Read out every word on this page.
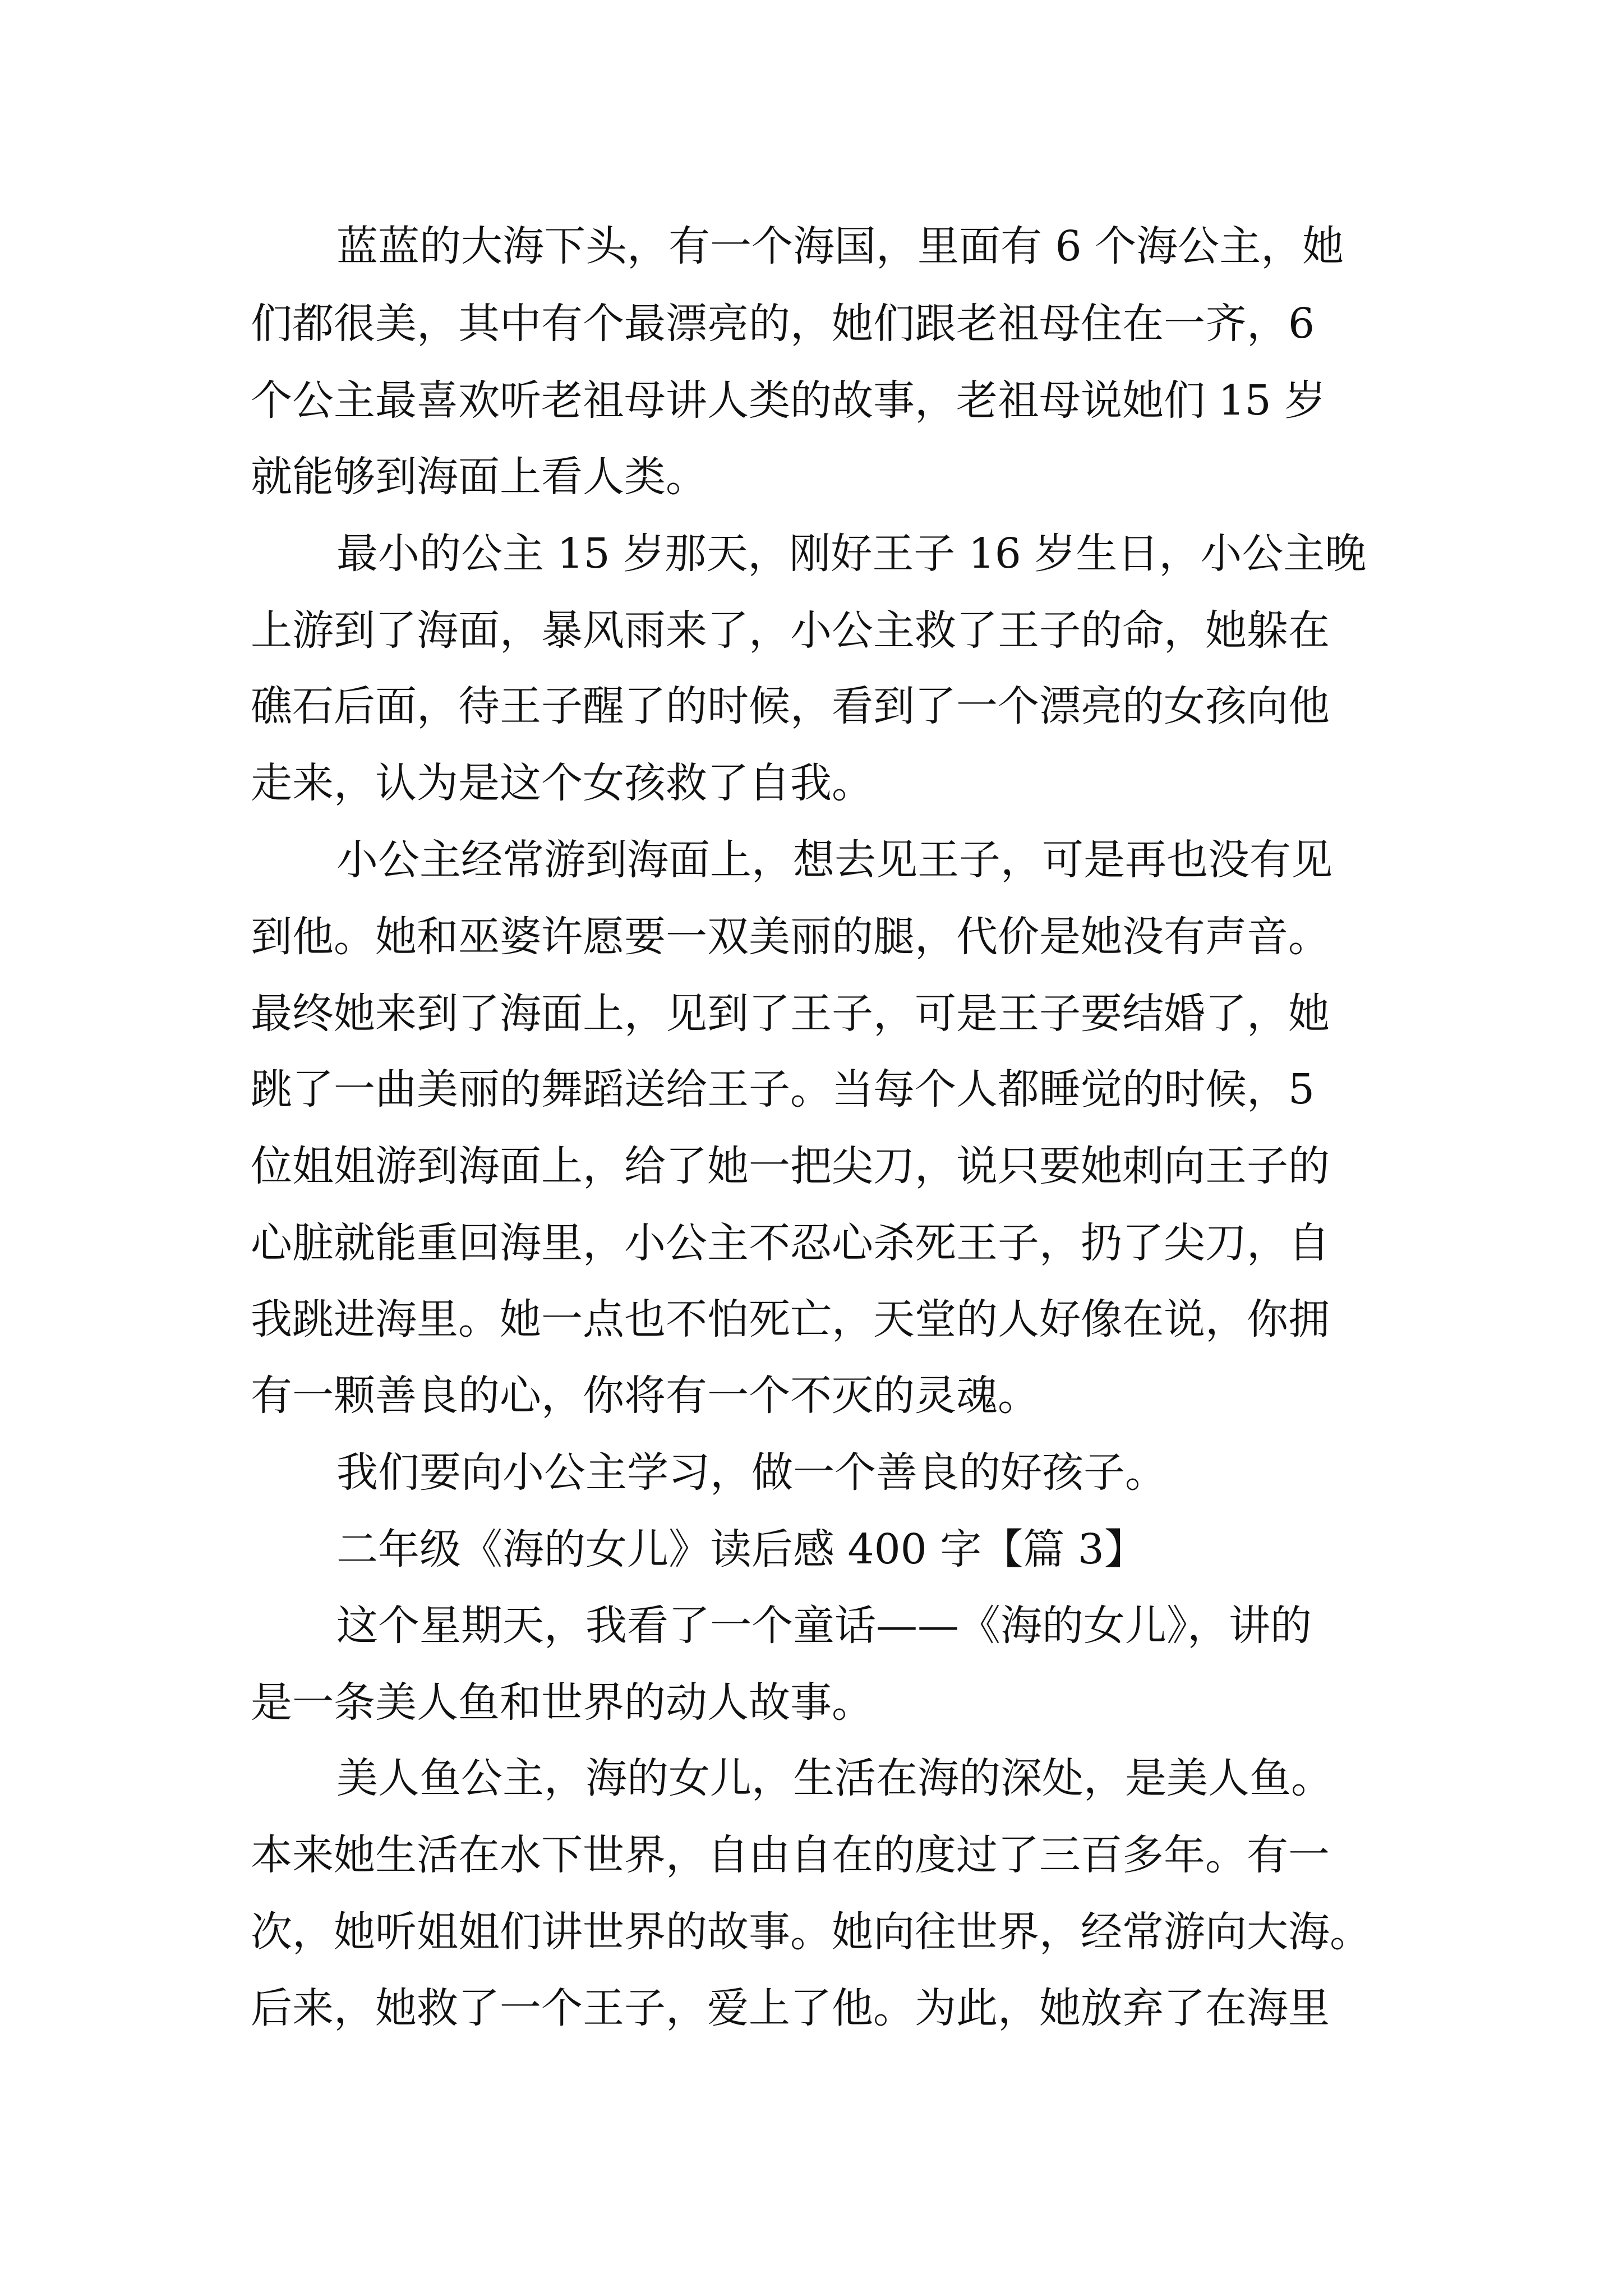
蓝蓝的大海下头，有一个海国，里面有 6 个海公主，她

们都很美，其中有个最漂亮的，她们跟老祖母住在一齐，6

个公主最喜欢听老祖母讲人类的故事，老祖母说她们 15 岁

就能够到海面上看人类。

最小的公主 15 岁那天，刚好王子 16 岁生日，小公主晚

上游到了海面，暴风雨来了，小公主救了王子的命，她躲在

礁石后面，待王子醒了的时候，看到了一个漂亮的女孩向他

走来，认为是这个女孩救了自我。

小公主经常游到海面上，想去见王子，可是再也没有见

到他。她和巫婆许愿要一双美丽的腿，代价是她没有声音。

最终她来到了海面上，见到了王子，可是王子要结婚了，她

跳了一曲美丽的舞蹈送给王子。当每个人都睡觉的时候，5

位姐姐游到海面上，给了她一把尖刀，说只要她刺向王子的

心脏就能重回海里，小公主不忍心杀死王子，扔了尖刀，自

我跳进海里。她一点也不怕死亡，天堂的人好像在说，你拥

有一颗善良的心，你将有一个不灭的灵魂。

我们要向小公主学习，做一个善良的好孩子。

二年级《海的女儿》读后感 400 字【篇 3】

这个星期天，我看了一个童话——《海的女儿》，讲的

是一条美人鱼和世界的动人故事。

美人鱼公主，海的女儿，生活在海的深处，是美人鱼。

本来她生活在水下世界，自由自在的度过了三百多年。有一

次，她听姐姐们讲世界的故事。她向往世界，经常游向大海。

后来，她救了一个王子，爱上了他。为此，她放弃了在海里
